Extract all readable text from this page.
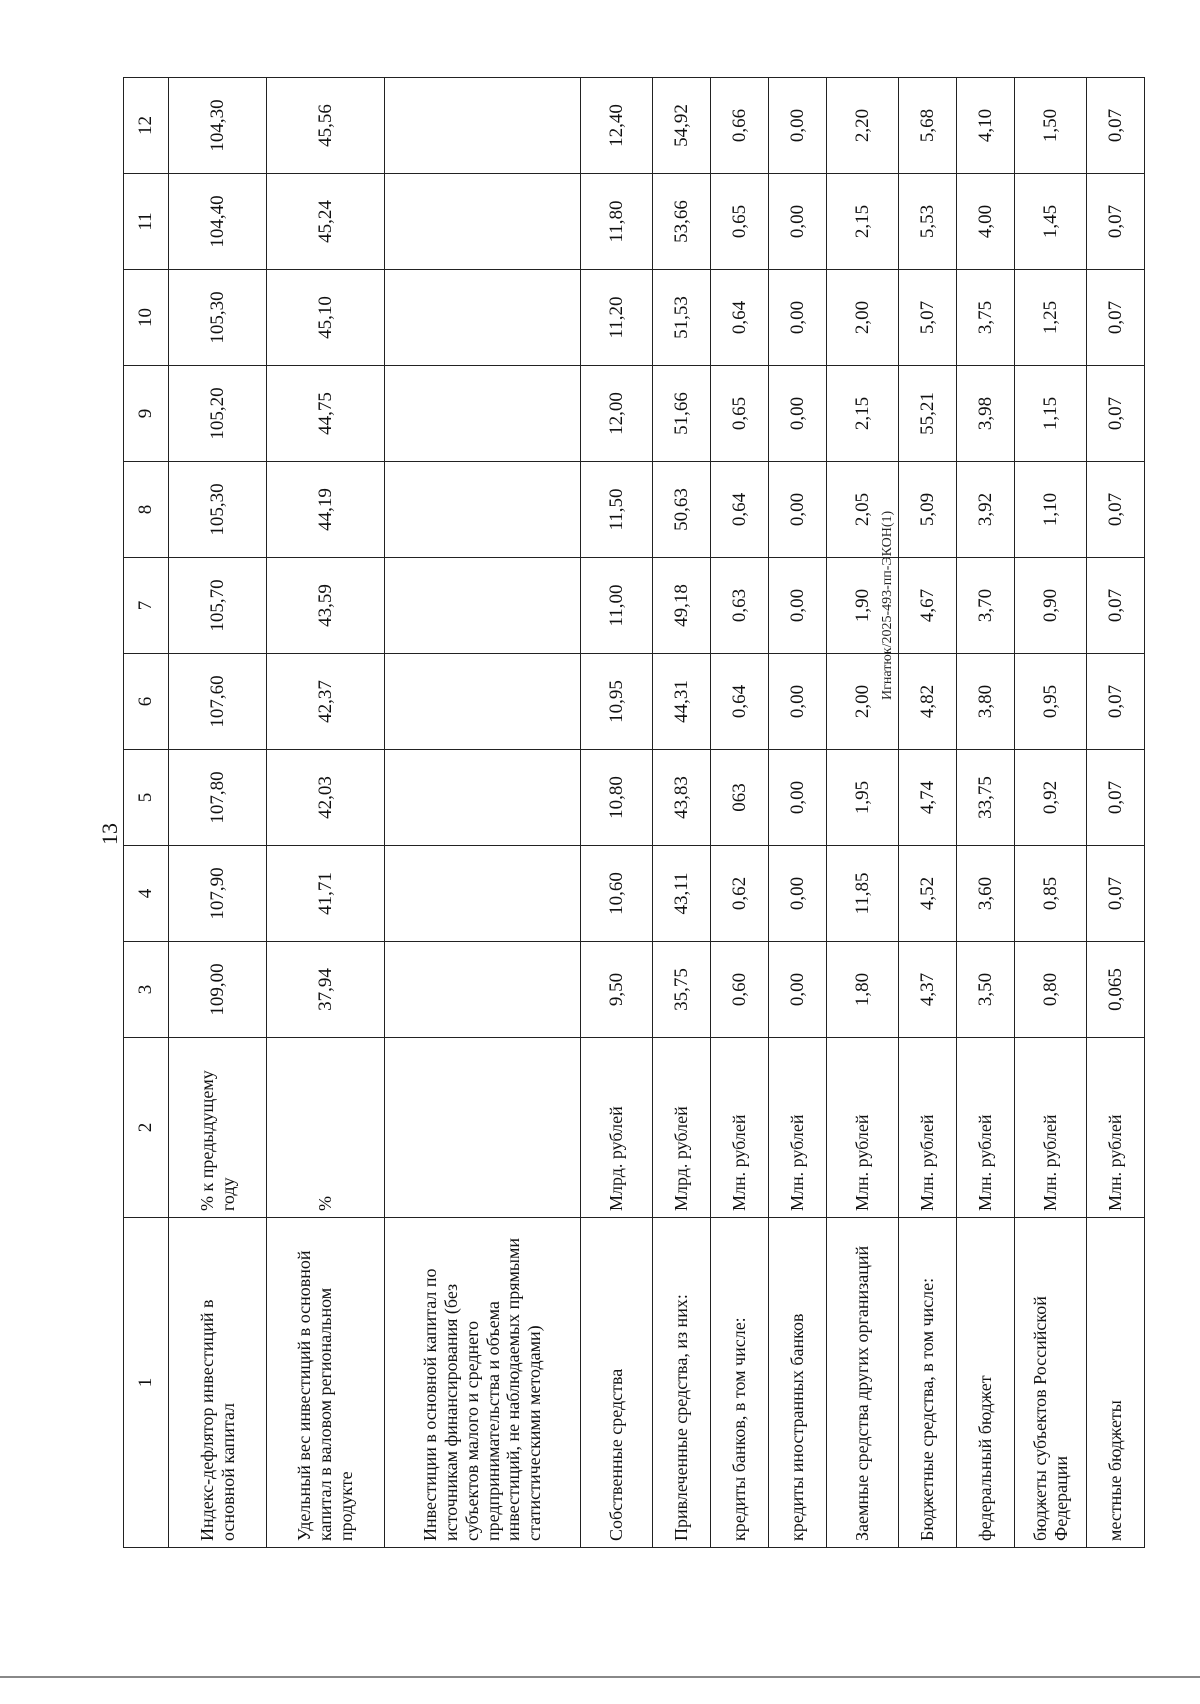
13
1	2	3	4	5	6	7	8	9	10	11	12
Индекс-дефлятор инвестиций в основной капитал	% к предыдущему году	109,00	107,90	107,80	107,60	105,70	105,30	105,20	105,30	104,40	104,30
Удельный вес инвестиций в основной капитал в валовом региональном продукте	%	37,94	41,71	42,03	42,37	43,59	44,19	44,75	45,10	45,24	45,56
Инвестиции в основной капитал по источникам финансирования (без субъектов малого и среднего предпринимательства и объема инвестиций, не наблюдаемых прямыми статистическими методами)											
Собственные средства	Млрд. рублей	9,50	10,60	10,80	10,95	11,00	11,50	12,00	11,20	11,80	12,40
Привлеченные средства, из них:	Млрд. рублей	35,75	43,11	43,83	44,31	49,18	50,63	51,66	51,53	53,66	54,92
кредиты банков, в том числе:	Млн. рублей	0,60	0,62	063	0,64	0,63	0,64	0,65	0,64	0,65	0,66
кредиты иностранных банков	Млн. рублей	0,00	0,00	0,00	0,00	0,00	0,00	0,00	0,00	0,00	0,00
Заемные средства других организаций	Млн. рублей	1,80	11,85	1,95	2,00	1,90	2,05	2,15	2,00	2,15	2,20
Бюджетные средства, в том числе:	Млн. рублей	4,37	4,52	4,74	4,82	4,67	5,09	55,21	5,07	5,53	5,68
федеральный бюджет	Млн. рублей	3,50	3,60	33,75	3,80	3,70	3,92	3,98	3,75	4,00	4,10
бюджеты субъектов Российской Федерации	Млн. рублей	0,80	0,85	0,92	0,95	0,90	1,10	1,15	1,25	1,45	1,50
местные бюджеты	Млн. рублей	0,065	0,07	0,07	0,07	0,07	0,07	0,07	0,07	0,07	0,07
Игнатюк/2025-493-пп-ЭКОН(1)
